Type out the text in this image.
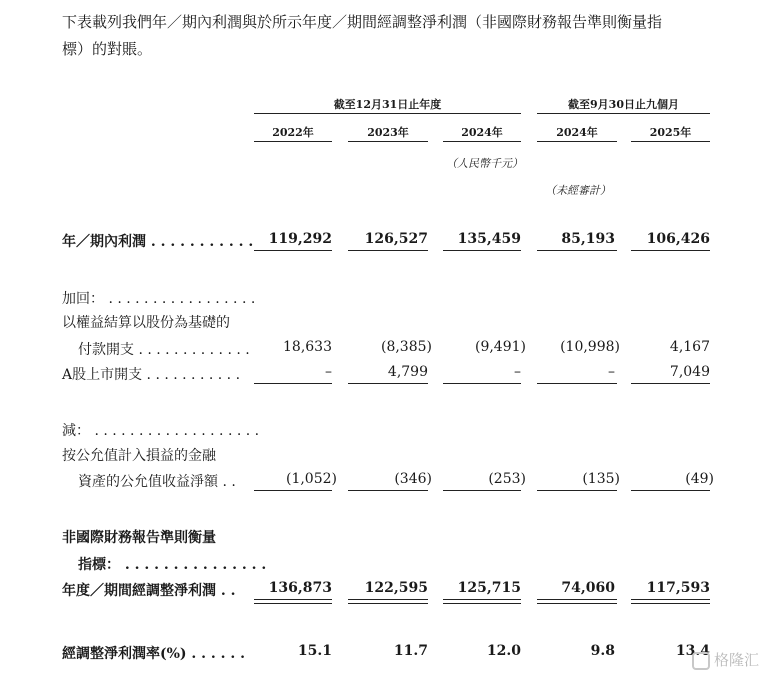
下表載列我們年／期內利潤與於所示年度／期間經調整淨利潤（非國際財務報告準則衡量指
標）的對賬。
截至12月31日止年度	截至9月30日止九個月
2022年	2023年	2024年	2024年	2025年
（人民幣千元）
（未經審計）
年／期內利潤 . . . . . . . . . . .	119,292	126,527	135,459	85,193	106,426
加回： . . . . . . . . . . . . . . . . .
以權益結算以股份為基礎的
付款開支 . . . . . . . . . . . . .	18,633	(8,385)	(9,491)	(10,998)	4,167
A股上市開支 . . . . . . . . . . .	–	4,799	–	–	7,049
減： . . . . . . . . . . . . . . . . . . .
按公允值計入損益的金融
資產的公允值收益淨額 . .	(1,052)	(346)	(253)	(135)	(49)
非國際財務報告準則衡量
指標： . . . . . . . . . . . . . . .
年度／期間經調整淨利潤 . .	136,873	122,595	125,715	74,060	117,593
經調整淨利潤率(%) . . . . . .	15.1	11.7	12.0	9.8	13.4 格隆汇
